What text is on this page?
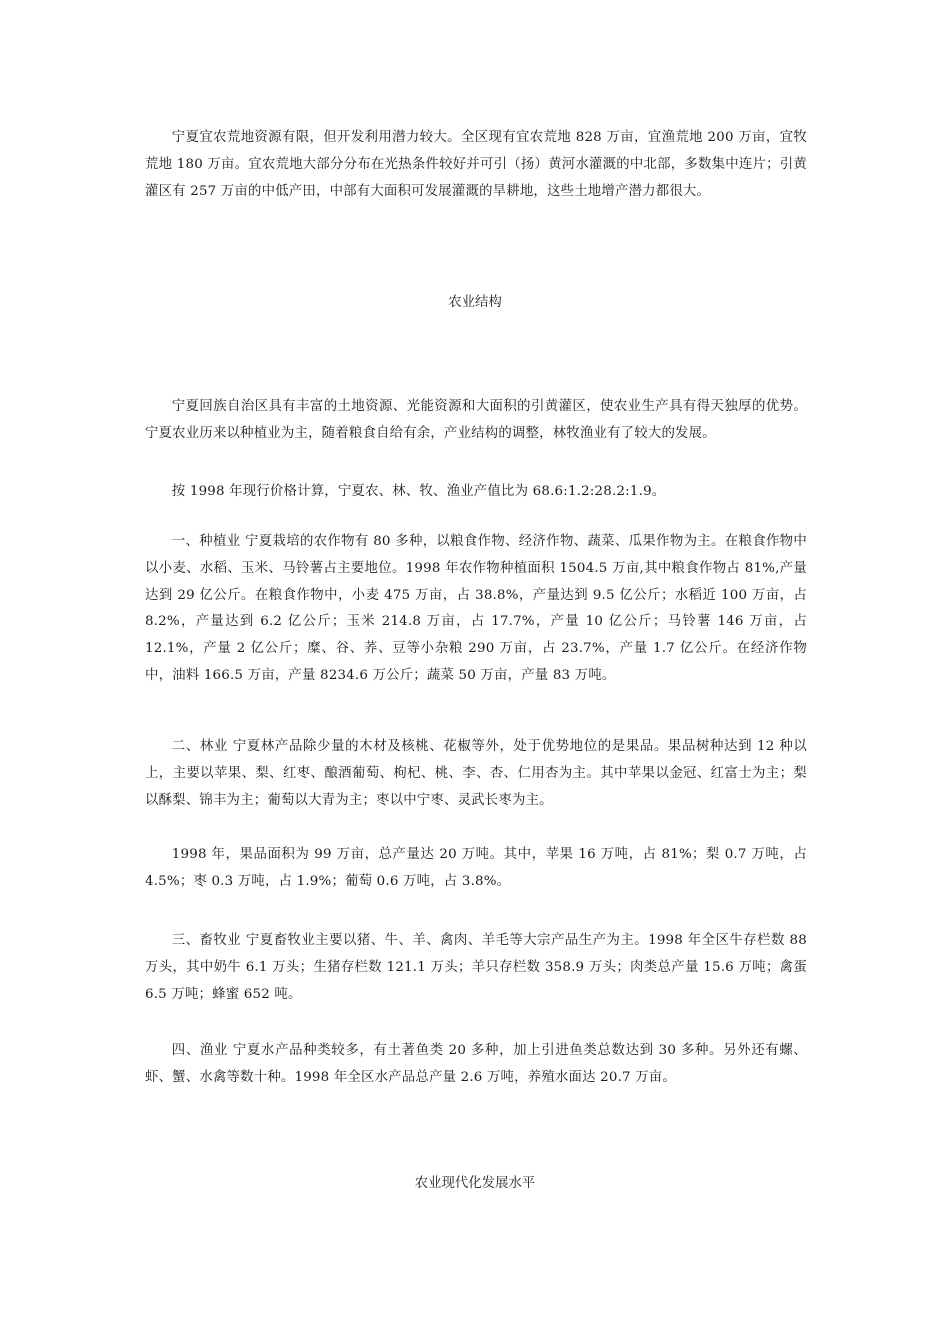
宁夏宜农荒地资源有限，但开发利用潜力较大。全区现有宜农荒地 828 万亩，宜渔荒地 200 万亩，宜牧荒地 180 万亩。宜农荒地大部分分布在光热条件较好并可引（扬）黄河水灌溉的中北部，多数集中连片；引黄灌区有 257 万亩的中低产田，中部有大面积可发展灌溉的旱耕地，这些土地增产潜力都很大。

农业结构

宁夏回族自治区具有丰富的土地资源、光能资源和大面积的引黄灌区，使农业生产具有得天独厚的优势。宁夏农业历来以种植业为主，随着粮食自给有余，产业结构的调整，林牧渔业有了较大的发展。

按 1998 年现行价格计算，宁夏农、林、牧、渔业产值比为 68.6:1.2:28.2:1.9。

一、种植业 宁夏栽培的农作物有 80 多种，以粮食作物、经济作物、蔬菜、瓜果作物为主。在粮食作物中以小麦、水稻、玉米、马铃薯占主要地位。1998 年农作物种植面积 1504.5 万亩,其中粮食作物占 81%,产量达到 29 亿公斤。在粮食作物中，小麦 475 万亩，占 38.8%，产量达到 9.5 亿公斤；水稻近 100 万亩，占 8.2%，产量达到 6.2 亿公斤；玉米 214.8 万亩，占 17.7%，产量 10 亿公斤；马铃薯 146 万亩，占 12.1%，产量 2 亿公斤；糜、谷、荞、豆等小杂粮 290 万亩，占 23.7%，产量 1.7 亿公斤。在经济作物中，油料 166.5 万亩，产量 8234.6 万公斤；蔬菜 50 万亩，产量 83 万吨。

二、林业 宁夏林产品除少量的木材及核桃、花椒等外，处于优势地位的是果品。果品树种达到 12 种以上，主要以苹果、梨、红枣、酿酒葡萄、枸杞、桃、李、杏、仁用杏为主。其中苹果以金冠、红富士为主；梨以酥梨、锦丰为主；葡萄以大青为主；枣以中宁枣、灵武长枣为主。

1998 年，果品面积为 99 万亩，总产量达 20 万吨。其中，苹果 16 万吨，占 81%；梨 0.7 万吨，占 4.5%；枣 0.3 万吨，占 1.9%；葡萄 0.6 万吨，占 3.8%。

三、畜牧业 宁夏畜牧业主要以猪、牛、羊、禽肉、羊毛等大宗产品生产为主。1998 年全区牛存栏数 88 万头，其中奶牛 6.1 万头；生猪存栏数 121.1 万头；羊只存栏数 358.9 万头；肉类总产量 15.6 万吨；禽蛋 6.5 万吨；蜂蜜 652 吨。

四、渔业 宁夏水产品种类较多，有土著鱼类 20 多种，加上引进鱼类总数达到 30 多种。另外还有螺、虾、蟹、水禽等数十种。1998 年全区水产品总产量 2.6 万吨，养殖水面达 20.7 万亩。

农业现代化发展水平
